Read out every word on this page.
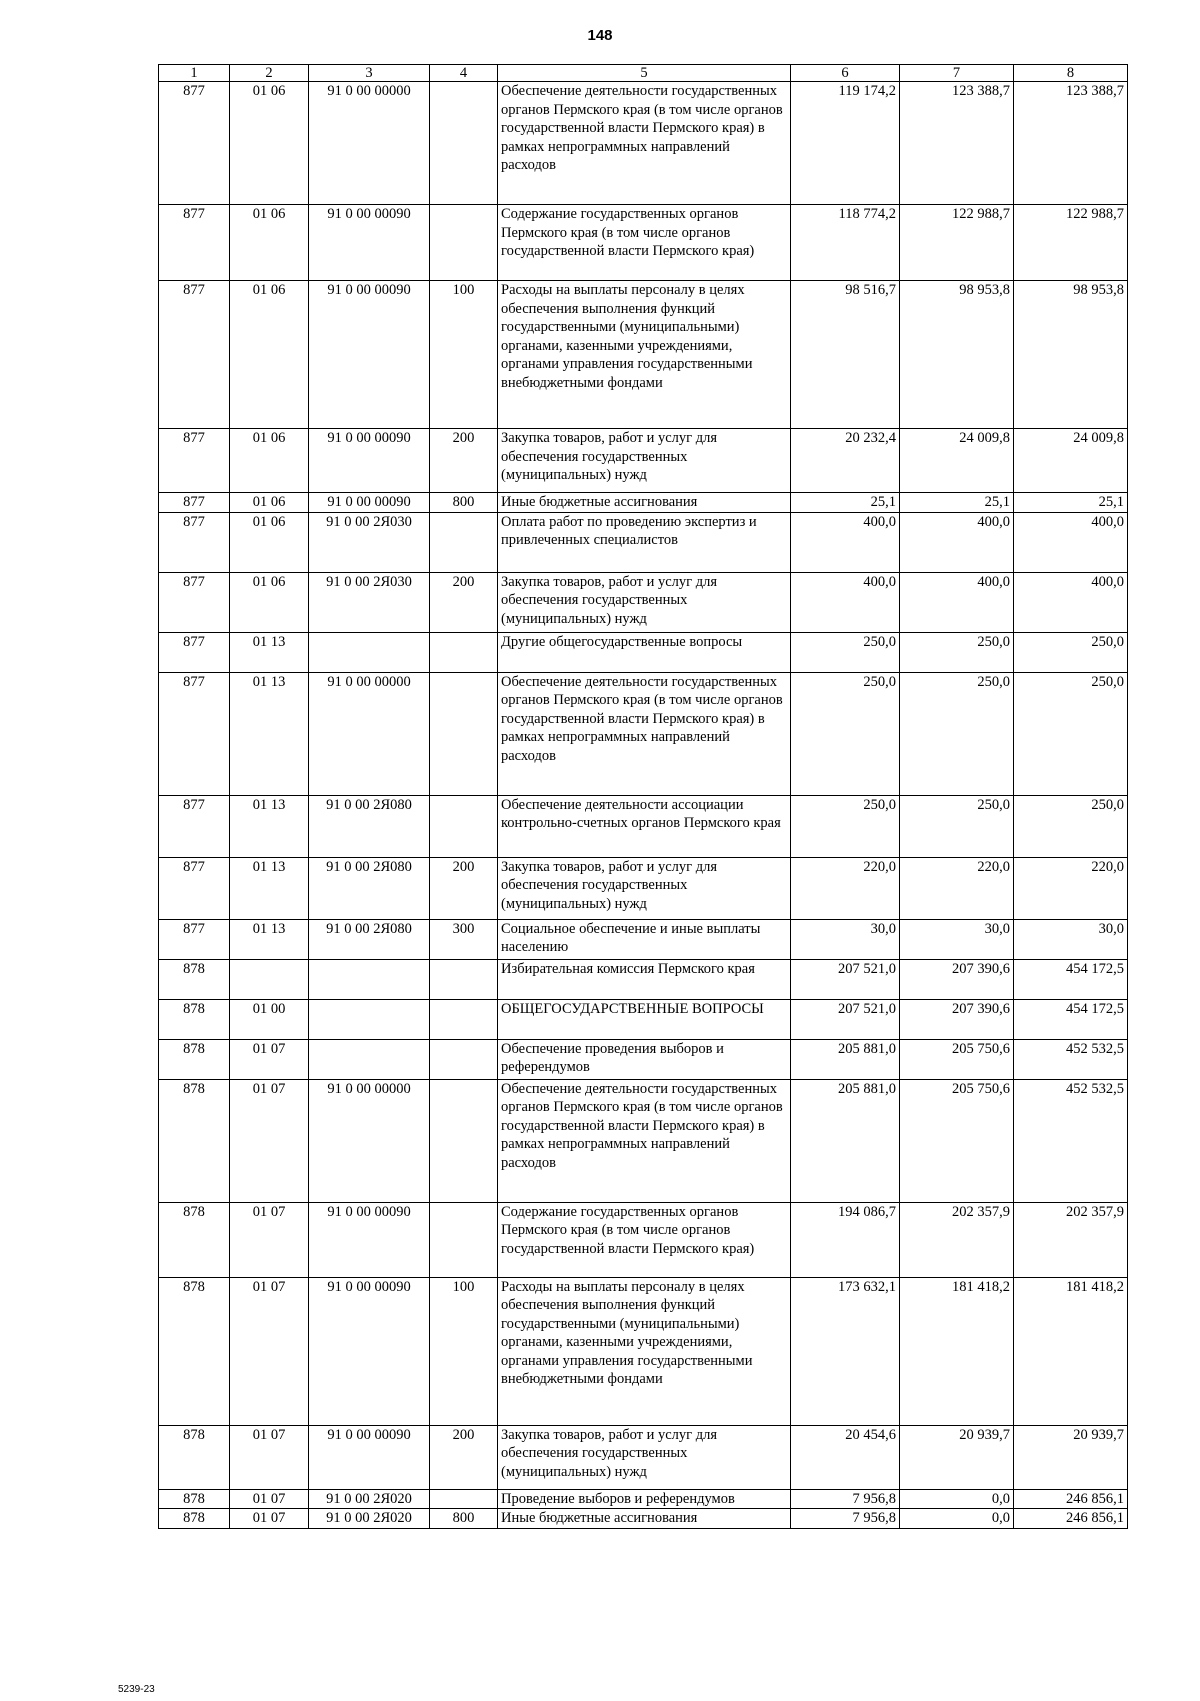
148
1	2	3	4	5	6	7	8
877	01 06	91 0 00 00000		Обеспечение деятельности государственных органов Пермского края (в том числе органов государственной власти Пермского края) в рамках непрограммных направлений расходов	119 174,2	123 388,7	123 388,7
877	01 06	91 0 00 00090		Содержание государственных органов Пермского края (в том числе органов государственной власти Пермского края)	118 774,2	122 988,7	122 988,7
877	01 06	91 0 00 00090	100	Расходы на выплаты персоналу в целях обеспечения выполнения функций государственными (муниципальными) органами, казенными учреждениями, органами управления государственными внебюджетными фондами	98 516,7	98 953,8	98 953,8
877	01 06	91 0 00 00090	200	Закупка товаров, работ и услуг для обеспечения государственных (муниципальных) нужд	20 232,4	24 009,8	24 009,8
877	01 06	91 0 00 00090	800	Иные бюджетные ассигнования	25,1	25,1	25,1
877	01 06	91 0 00 2Я030		Оплата работ по проведению экспертиз и привлеченных специалистов	400,0	400,0	400,0
877	01 06	91 0 00 2Я030	200	Закупка товаров, работ и услуг для обеспечения государственных (муниципальных) нужд	400,0	400,0	400,0
877	01 13			Другие общегосударственные вопросы	250,0	250,0	250,0
877	01 13	91 0 00 00000		Обеспечение деятельности государственных органов Пермского края (в том числе органов государственной власти Пермского края) в рамках непрограммных направлений расходов	250,0	250,0	250,0
877	01 13	91 0 00 2Я080		Обеспечение деятельности ассоциации контрольно-счетных органов Пермского края	250,0	250,0	250,0
877	01 13	91 0 00 2Я080	200	Закупка товаров, работ и услуг для обеспечения государственных (муниципальных) нужд	220,0	220,0	220,0
877	01 13	91 0 00 2Я080	300	Социальное обеспечение и иные выплаты населению	30,0	30,0	30,0
878				Избирательная комиссия Пермского края	207 521,0	207 390,6	454 172,5
878	01 00			ОБЩЕГОСУДАРСТВЕННЫЕ ВОПРОСЫ	207 521,0	207 390,6	454 172,5
878	01 07			Обеспечение проведения выборов и референдумов	205 881,0	205 750,6	452 532,5
878	01 07	91 0 00 00000		Обеспечение деятельности государственных органов Пермского края (в том числе органов государственной власти Пермского края) в рамках непрограммных направлений расходов	205 881,0	205 750,6	452 532,5
878	01 07	91 0 00 00090		Содержание государственных органов Пермского края (в том числе органов государственной власти Пермского края)	194 086,7	202 357,9	202 357,9
878	01 07	91 0 00 00090	100	Расходы на выплаты персоналу в целях обеспечения выполнения функций государственными (муниципальными) органами, казенными учреждениями, органами управления государственными внебюджетными фондами	173 632,1	181 418,2	181 418,2
878	01 07	91 0 00 00090	200	Закупка товаров, работ и услуг для обеспечения государственных (муниципальных) нужд	20 454,6	20 939,7	20 939,7
878	01 07	91 0 00 2Я020		Проведение выборов и референдумов	7 956,8	0,0	246 856,1
878	01 07	91 0 00 2Я020	800	Иные бюджетные ассигнования	7 956,8	0,0	246 856,1
5239-23
